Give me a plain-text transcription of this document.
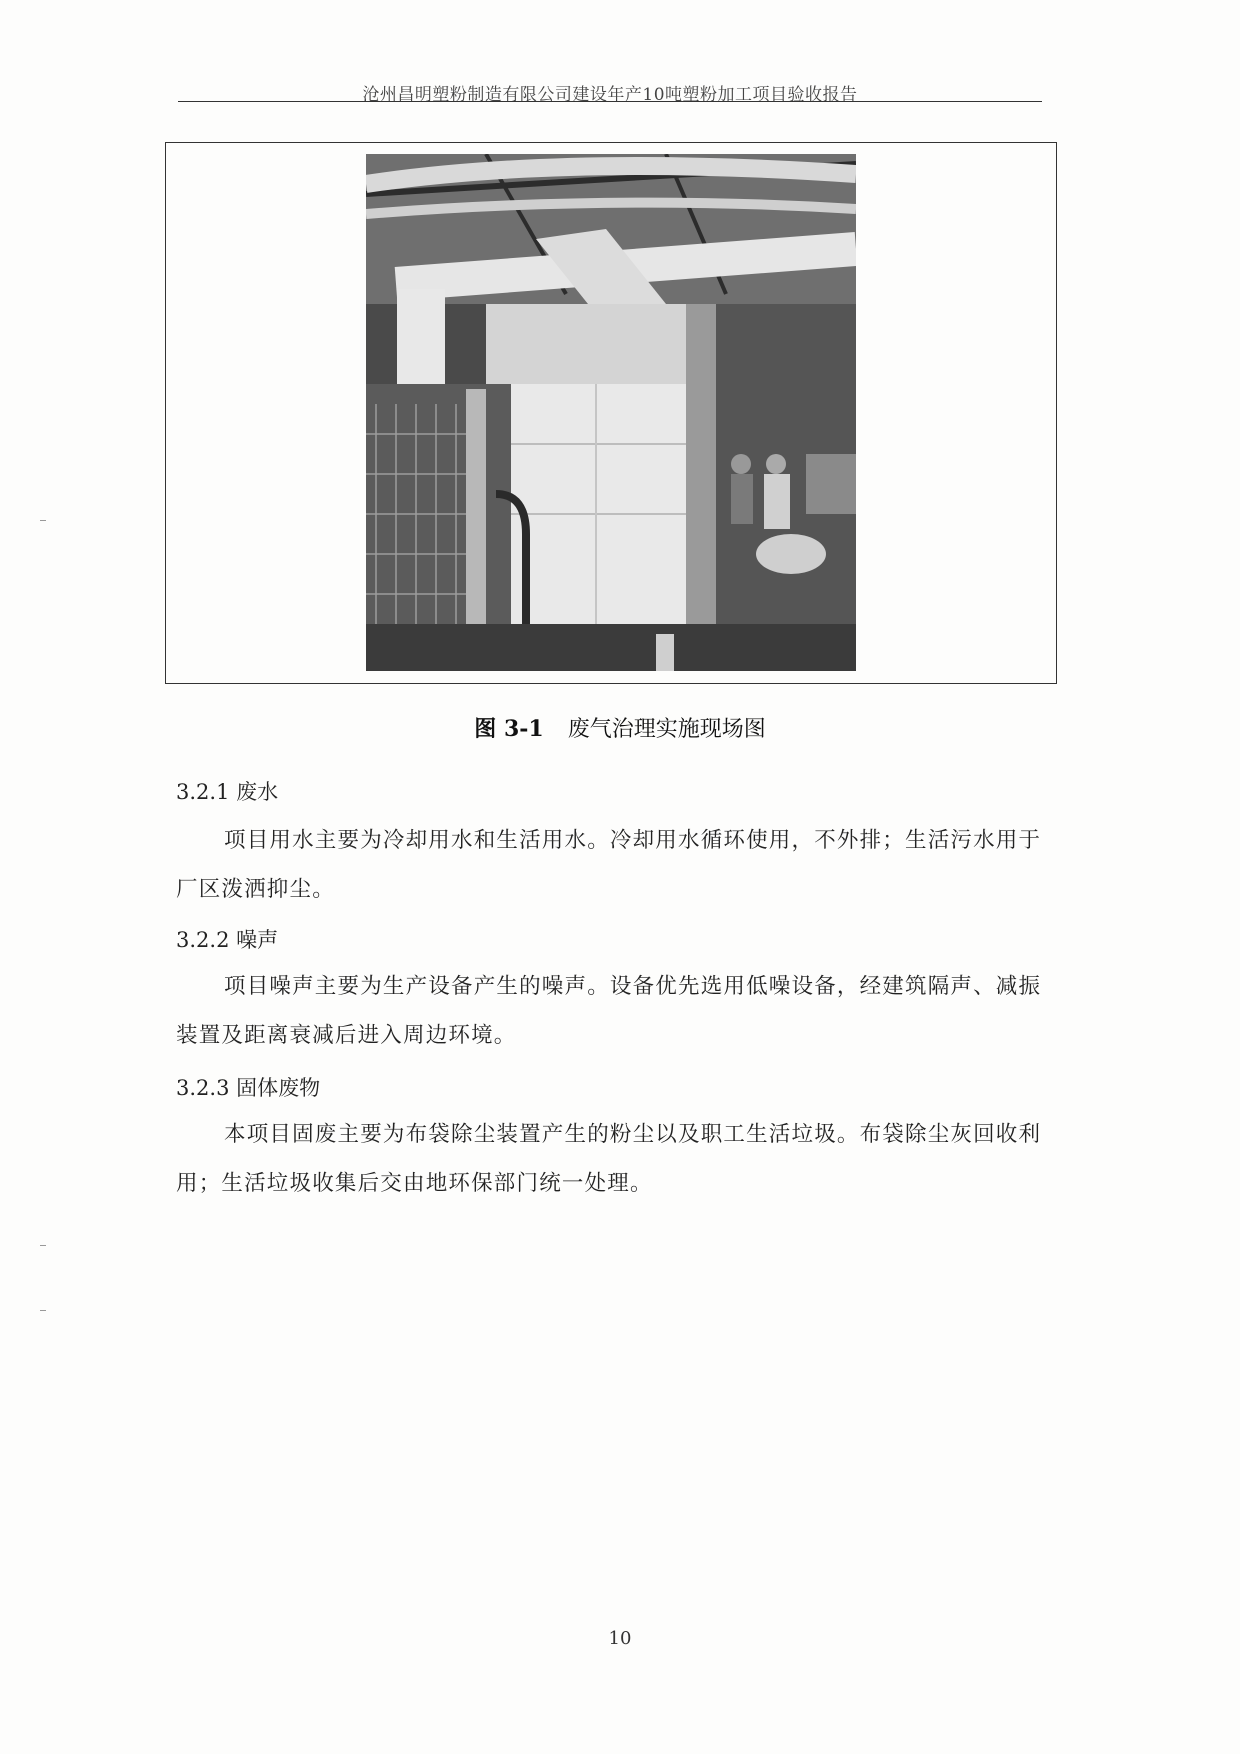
沧州昌明塑粉制造有限公司建设年产10吨塑粉加工项目验收报告
图 3-1 废气治理实施现场图
3.2.1 废水
项目用水主要为冷却用水和生活用水。冷却用水循环使用，不外排；生活污水用于厂区泼洒抑尘。
3.2.2 噪声
项目噪声主要为生产设备产生的噪声。设备优先选用低噪设备，经建筑隔声、减振装置及距离衰减后进入周边环境。
3.2.3 固体废物
本项目固废主要为布袋除尘装置产生的粉尘以及职工生活垃圾。布袋除尘灰回收利用；生活垃圾收集后交由地环保部门统一处理。
10
